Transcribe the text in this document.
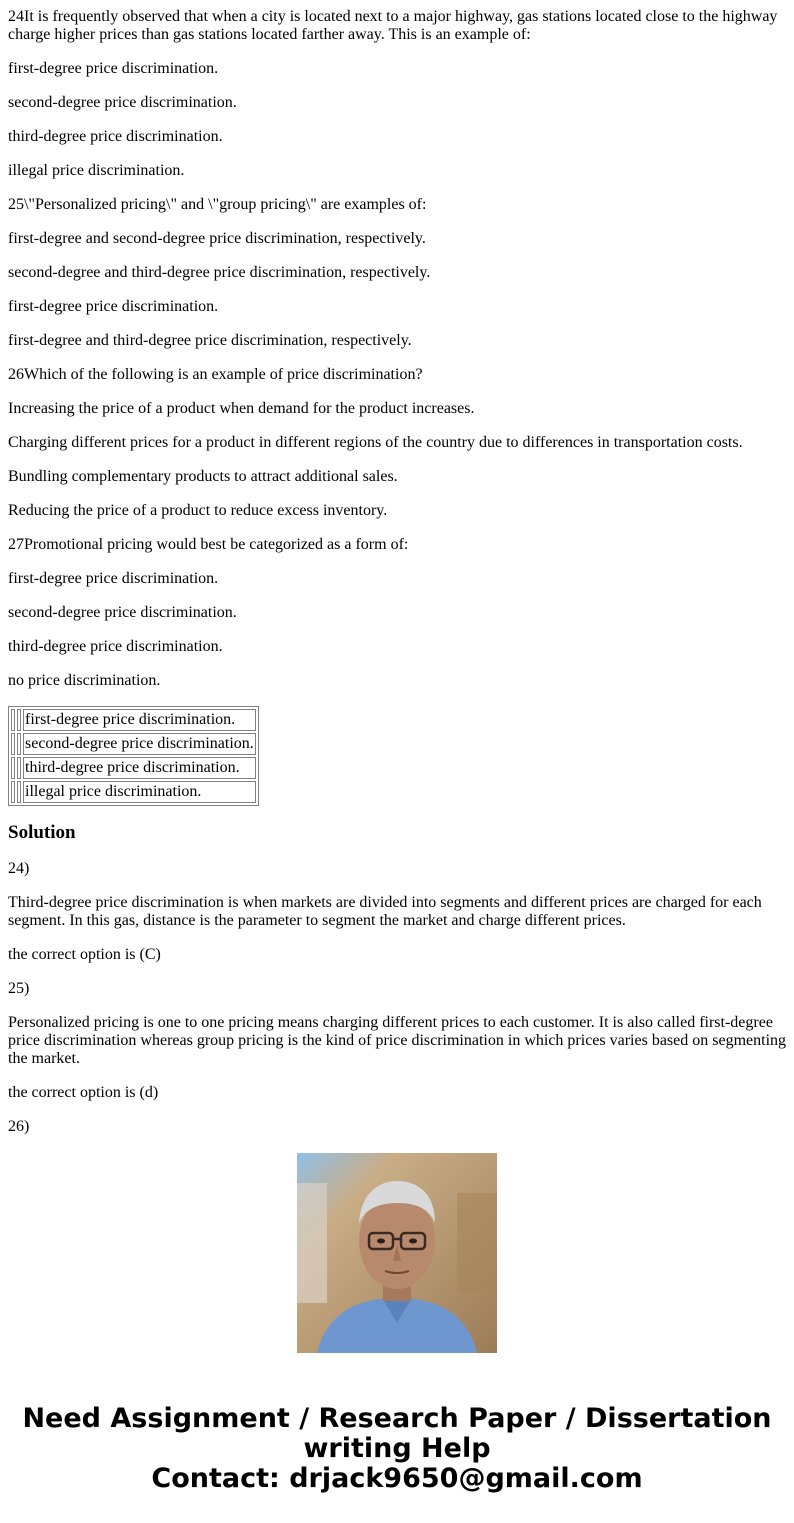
24It is frequently observed that when a city is located next to a major highway, gas stations located close to the highway charge higher prices than gas stations located farther away. This is an example of:

first-degree price discrimination.

second-degree price discrimination.

third-degree price discrimination.

illegal price discrimination.

25\"Personalized pricing\" and \"group pricing\" are examples of:

first-degree and second-degree price discrimination, respectively.

second-degree and third-degree price discrimination, respectively.

first-degree price discrimination.

first-degree and third-degree price discrimination, respectively.

26Which of the following is an example of price discrimination?

Increasing the price of a product when demand for the product increases.

Charging different prices for a product in different regions of the country due to differences in transportation costs.

Bundling complementary products to attract additional sales.

Reducing the price of a product to reduce excess inventory.

27Promotional pricing would best be categorized as a form of:

first-degree price discrimination.

second-degree price discrimination.

third-degree price discrimination.

no price discrimination.

		first-degree price discrimination.
		second-degree price discrimination.
		third-degree price discrimination.
		illegal price discrimination.
Solution

24)

Third-degree price discrimination is when markets are divided into segments and different prices are charged for each segment. In this gas, distance is the parameter to segment the market and charge different prices.

the correct option is (C)

25)

Personalized pricing is one to one pricing means charging different prices to each customer. It is also called first-degree price discrimination whereas group pricing is the kind of price discrimination in which prices varies based on segmenting the market.

the correct option is (d)

26)

Need Assignment / Research Paper / Dissertation
writing Help
Contact: drjack9650@gmail.com
